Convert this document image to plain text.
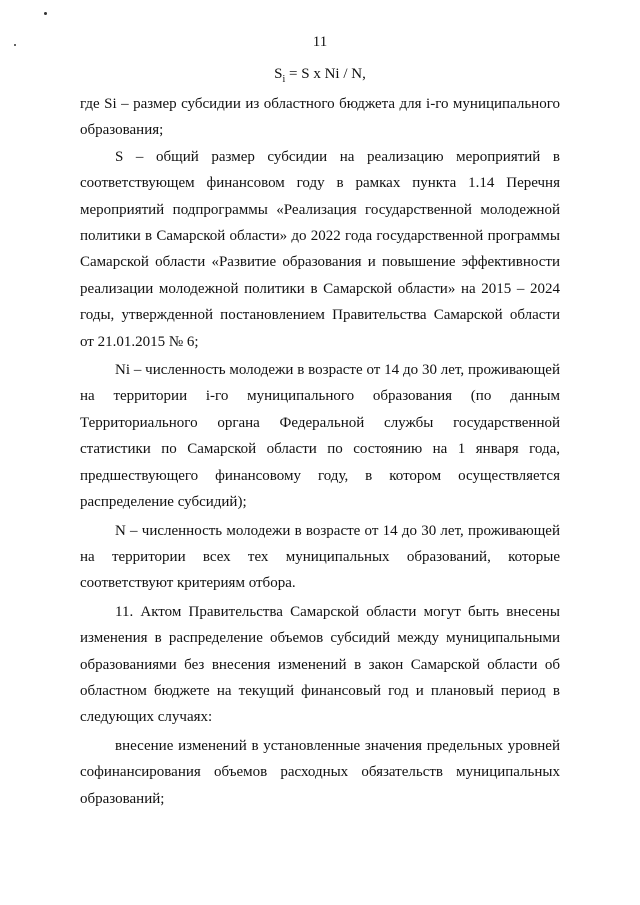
11
$S_i = S$ x Ni / N,

где Si – размер субсидии из областного бюджета для i-го муниципального образования;

S – общий размер субсидии на реализацию мероприятий в соответствующем финансовом году в рамках пункта 1.14 Перечня мероприятий подпрограммы «Реализация государственной молодежной политики в Самарской области» до 2022 года государственной программы Самарской области «Развитие образования и повышение эффективности реализации молодежной политики в Самарской области» на 2015 – 2024 годы, утвержденной постановлением Правительства Самарской области от 21.01.2015 № 6;

Ni – численность молодежи в возрасте от 14 до 30 лет, проживающей на территории i-го муниципального образования (по данным Территориального органа Федеральной службы государственной статистики по Самарской области по состоянию на 1 января года, предшествующего финансовому году, в котором осуществляется распределение субсидий);

N – численность молодежи в возрасте от 14 до 30 лет, проживающей на территории всех тех муниципальных образований, которые соответствуют критериям отбора.

11. Актом Правительства Самарской области могут быть внесены изменения в распределение объемов субсидий между муниципальными образованиями без внесения изменений в закон Самарской области об областном бюджете на текущий финансовый год и плановый период в следующих случаях:

внесение изменений в установленные значения предельных уровней софинансирования объемов расходных обязательств муниципальных образований;
